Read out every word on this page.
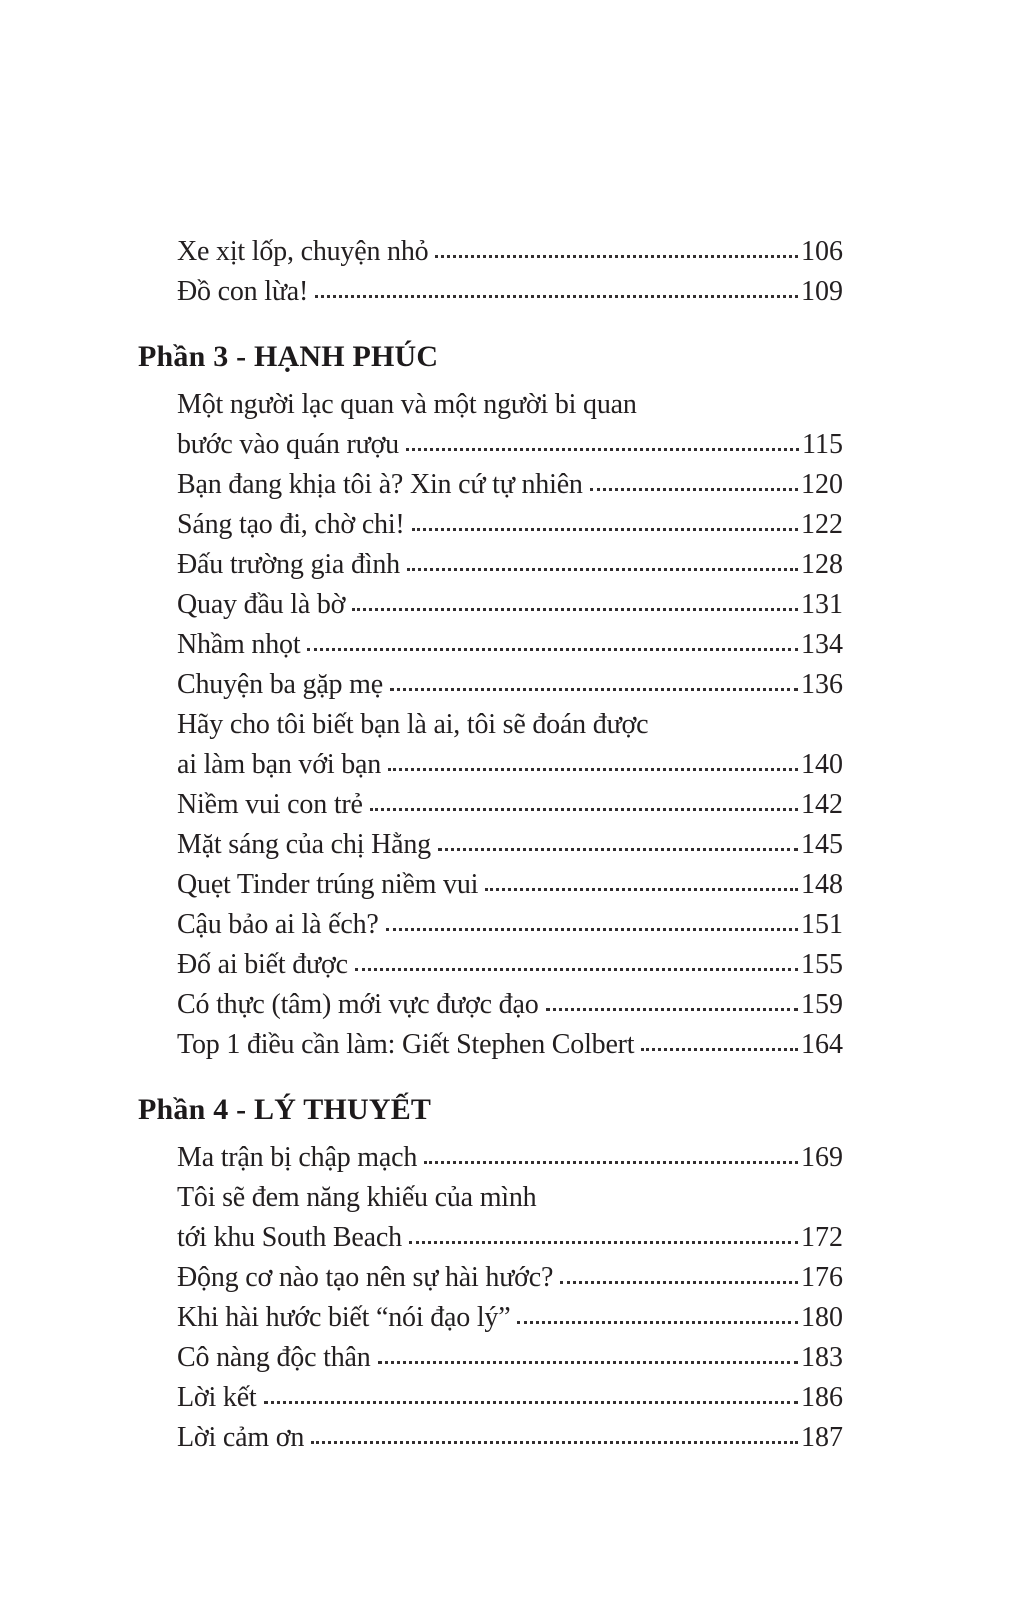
Xe xịt lốp, chuyện nhỏ	106
Đồ con lừa!	109
Phần 3 - HẠNH PHÚC
Một người lạc quan và một người bi quan
bước vào quán rượu	115
Bạn đang khịa tôi à? Xin cứ tự nhiên	120
Sáng tạo đi, chờ chi!	122
Đấu trường gia đình	128
Quay đầu là bờ	131
Nhầm nhọt	134
Chuyện ba gặp mẹ	136
Hãy cho tôi biết bạn là ai, tôi sẽ đoán được
ai làm bạn với bạn	140
Niềm vui con trẻ	142
Mặt sáng của chị Hằng	145
Quẹt Tinder trúng niềm vui	148
Cậu bảo ai là ếch?	151
Đố ai biết được	155
Có thực (tâm) mới vực được đạo	159
Top 1 điều cần làm: Giết Stephen Colbert	164
Phần 4 - LÝ THUYẾT
Ma trận bị chập mạch	169
Tôi sẽ đem năng khiếu của mình
tới khu South Beach	172
Động cơ nào tạo nên sự hài hước?	176
Khi hài hước biết “nói đạo lý”	180
Cô nàng độc thân	183
Lời kết	186
Lời cảm ơn	187
